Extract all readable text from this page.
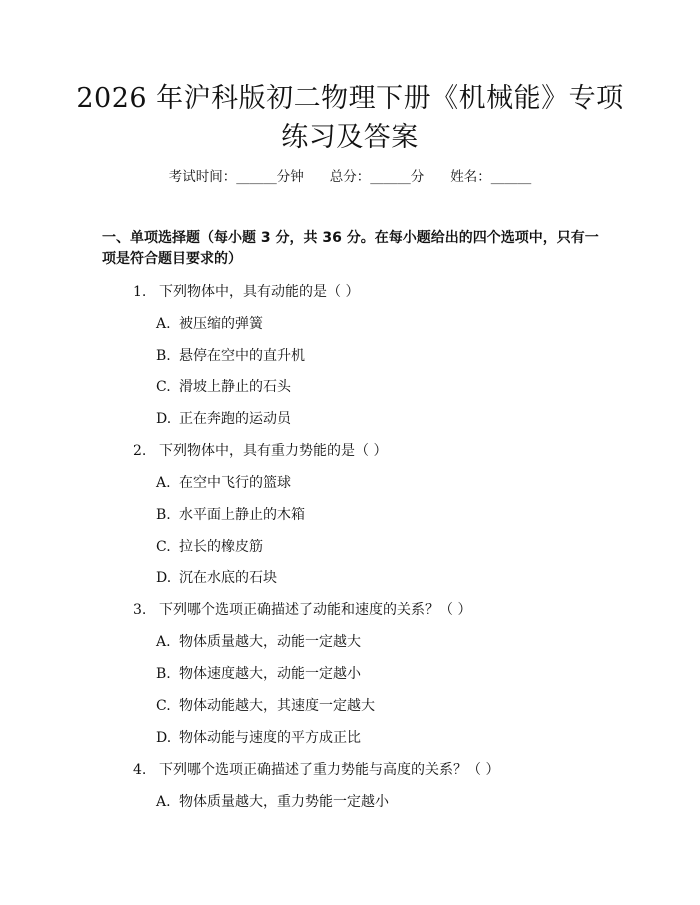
2026 年沪科版初二物理下册《机械能》专项
练习及答案
考试时间：______分钟 总分：______分 姓名：______
一、单项选择题（每小题 3 分，共 36 分。在每小题给出的四个选项中，只有一项是符合题目要求的）
1. 下列物体中，具有动能的是（ ）
A. 被压缩的弹簧
B. 悬停在空中的直升机
C. 滑坡上静止的石头
D. 正在奔跑的运动员
2. 下列物体中，具有重力势能的是（ ）
A. 在空中飞行的篮球
B. 水平面上静止的木箱
C. 拉长的橡皮筋
D. 沉在水底的石块
3. 下列哪个选项正确描述了动能和速度的关系？（ ）
A. 物体质量越大，动能一定越大
B. 物体速度越大，动能一定越小
C. 物体动能越大，其速度一定越大
D. 物体动能与速度的平方成正比
4. 下列哪个选项正确描述了重力势能与高度的关系？（ ）
A. 物体质量越大，重力势能一定越小
